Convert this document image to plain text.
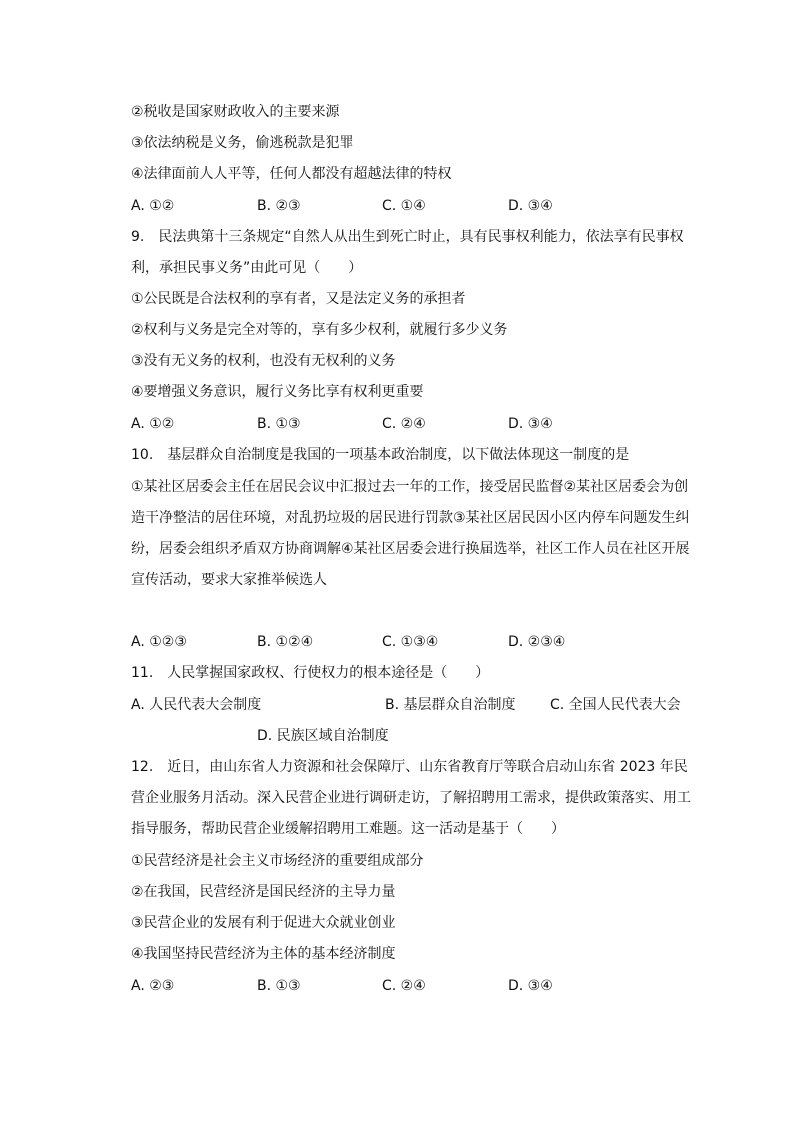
②税收是国家财政收入的主要来源
③依法纳税是义务，偷逃税款是犯罪
④法律面前人人平等，任何人都没有超越法律的特权
A. ①②	B. ②③	C. ①④	D. ③④
9. 民法典第十三条规定“自然人从出生到死亡时止，具有民事权利能力，依法享有民事权
利，承担民事义务”由此可见（　　）
①公民既是合法权利的享有者，又是法定义务的承担者
②权利与义务是完全对等的，享有多少权利，就履行多少义务
③没有无义务的权利，也没有无权利的义务
④要增强义务意识，履行义务比享有权利更重要
A. ①②	B. ①③	C. ②④	D. ③④
10. 基层群众自治制度是我国的一项基本政治制度，以下做法体现这一制度的是
①某社区居委会主任在居民会议中汇报过去一年的工作，接受居民监督②某社区居委会为创造干净整洁的居住环境，对乱扔垃圾的居民进行罚款③某社区居民因小区内停车问题发生纠纷，居委会组织矛盾双方协商调解④某社区居委会进行换届选举，社区工作人员在社区开展宣传活动，要求大家推举候选人
A. ①②③	B. ①②④	C. ①③④	D. ②③④
11. 人民掌握国家政权、行使权力的根本途径是（　　）
A. 人民代表大会制度	B. 基层群众自治制度 C. 全国人民代表大会
D. 民族区域自治制度
12. 近日，由山东省人力资源和社会保障厅、山东省教育厅等联合启动山东省 2023 年民营企业服务月活动。深入民营企业进行调研走访，了解招聘用工需求，提供政策落实、用工指导服务，帮助民营企业缓解招聘用工难题。这一活动是基于（　　）
①民营经济是社会主义市场经济的重要组成部分
②在我国，民营经济是国民经济的主导力量
③民营企业的发展有利于促进大众就业创业
④我国坚持民营经济为主体的基本经济制度
A. ②③	B. ①③	C. ②④	D. ③④
